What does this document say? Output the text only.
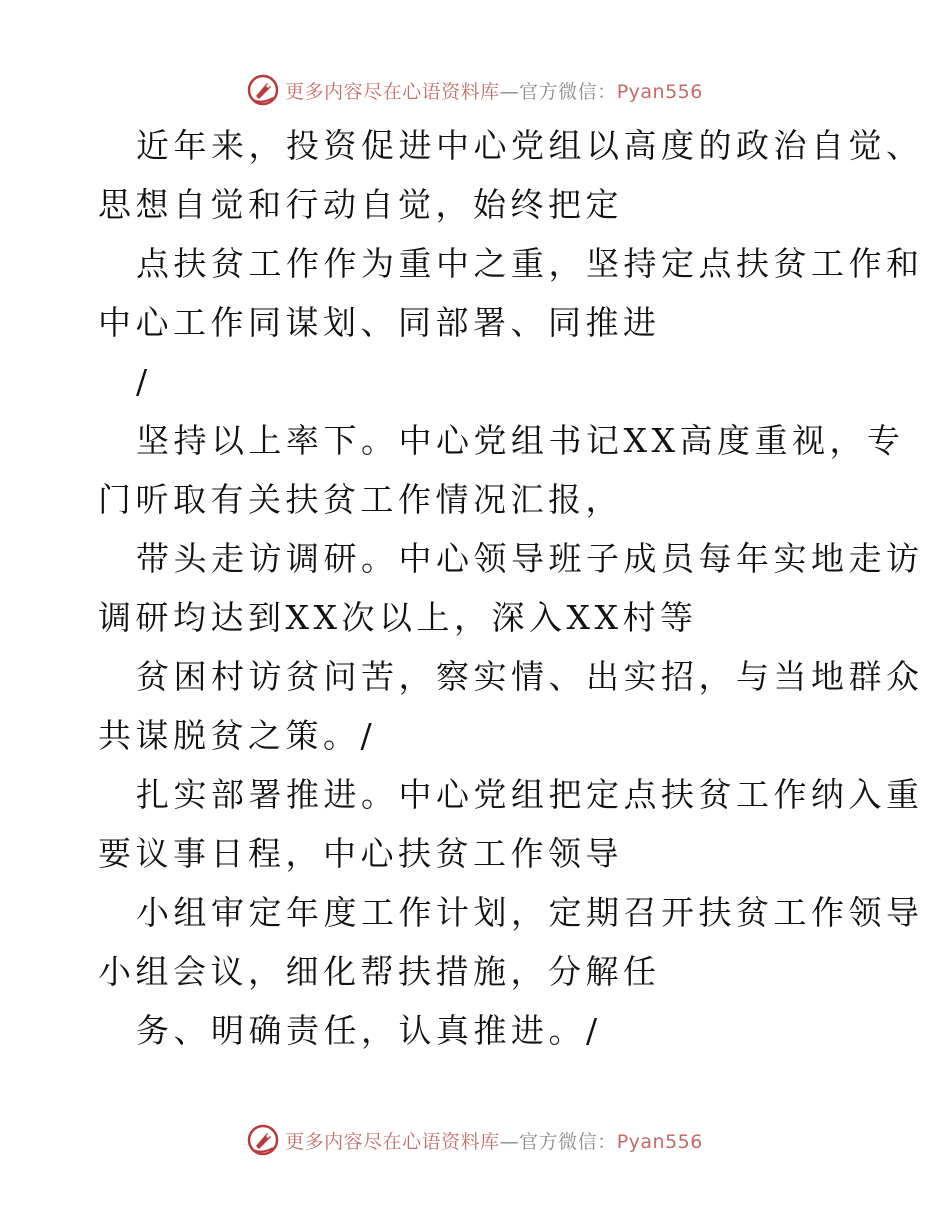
更多内容尽在心语资料库—官方微信：Pyan556
近年来，投资促进中心党组以高度的政治自觉、
思想自觉和行动自觉，始终把定
点扶贫工作作为重中之重，坚持定点扶贫工作和
中心工作同谋划、同部署、同推进
/
坚持以上率下。中心党组书记XX高度重视，专
门听取有关扶贫工作情况汇报，
带头走访调研。中心领导班子成员每年实地走访
调研均达到XX次以上，深入XX村等
贫困村访贫问苦，察实情、出实招，与当地群众
共谋脱贫之策。/
扎实部署推进。中心党组把定点扶贫工作纳入重
要议事日程，中心扶贫工作领导
小组审定年度工作计划，定期召开扶贫工作领导
小组会议，细化帮扶措施，分解任
务、明确责任，认真推进。/
更多内容尽在心语资料库—官方微信：Pyan556
